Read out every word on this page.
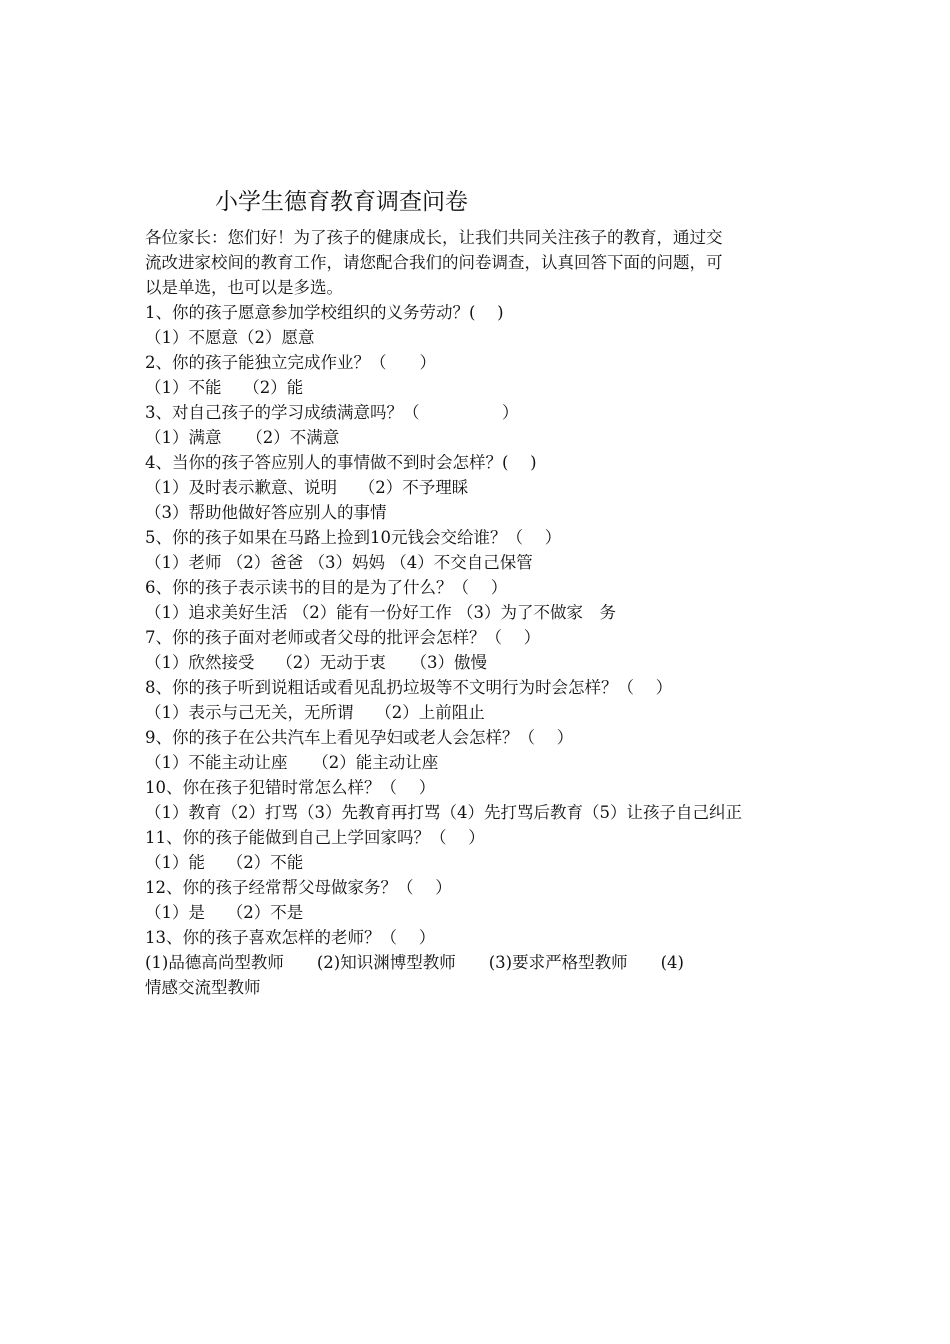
小学生德育教育调查问卷
各位家长：您们好！为了孩子的健康成长，让我们共同关注孩子的教育，通过交
流改进家校间的教育工作，请您配合我们的问卷调查，认真回答下面的问题，可
以是单选，也可以是多选。
1、你的孩子愿意参加学校组织的义务劳动？(　 )
（1）不愿意（2）愿意
2、你的孩子能独立完成作业？（　　）
（1）不能　 （2）能
3、对自己孩子的学习成绩满意吗？（　　　　　）
（1）满意　　（2）不满意
4、当你的孩子答应别人的事情做不到时会怎样？(　 )
（1）及时表示歉意、说明　 （2）不予理睬
（3）帮助他做好答应别人的事情
5、你的孩子如果在马路上捡到10元钱会交给谁？（　 ）
（1）老师 （2）爸爸 （3）妈妈 （4）不交自己保管
6、你的孩子表示读书的目的是为了什么？（　 ）
（1）追求美好生活 （2）能有一份好工作 （3）为了不做家　务
7、你的孩子面对老师或者父母的批评会怎样？（　 ）
（1）欣然接受　 （2）无动于衷　　（3）傲慢
8、你的孩子听到说粗话或看见乱扔垃圾等不文明行为时会怎样？（　 ）
（1）表示与己无关，无所谓　 （2）上前阻止
9、你的孩子在公共汽车上看见孕妇或老人会怎样？（　 ）
（1）不能主动让座　　（2）能主动让座
10、你在孩子犯错时常怎么样？（　 ）
（1）教育（2）打骂（3）先教育再打骂（4）先打骂后教育（5）让孩子自己纠正
11、你的孩子能做到自己上学回家吗？（　 ）
（1）能　 （2）不能
12、你的孩子经常帮父母做家务？（　 ）
（1）是　 （2）不是
13、你的孩子喜欢怎样的老师？（　 ）
(1)品德高尚型教师　　(2)知识渊博型教师　　(3)要求严格型教师　　(4)
情感交流型教师
